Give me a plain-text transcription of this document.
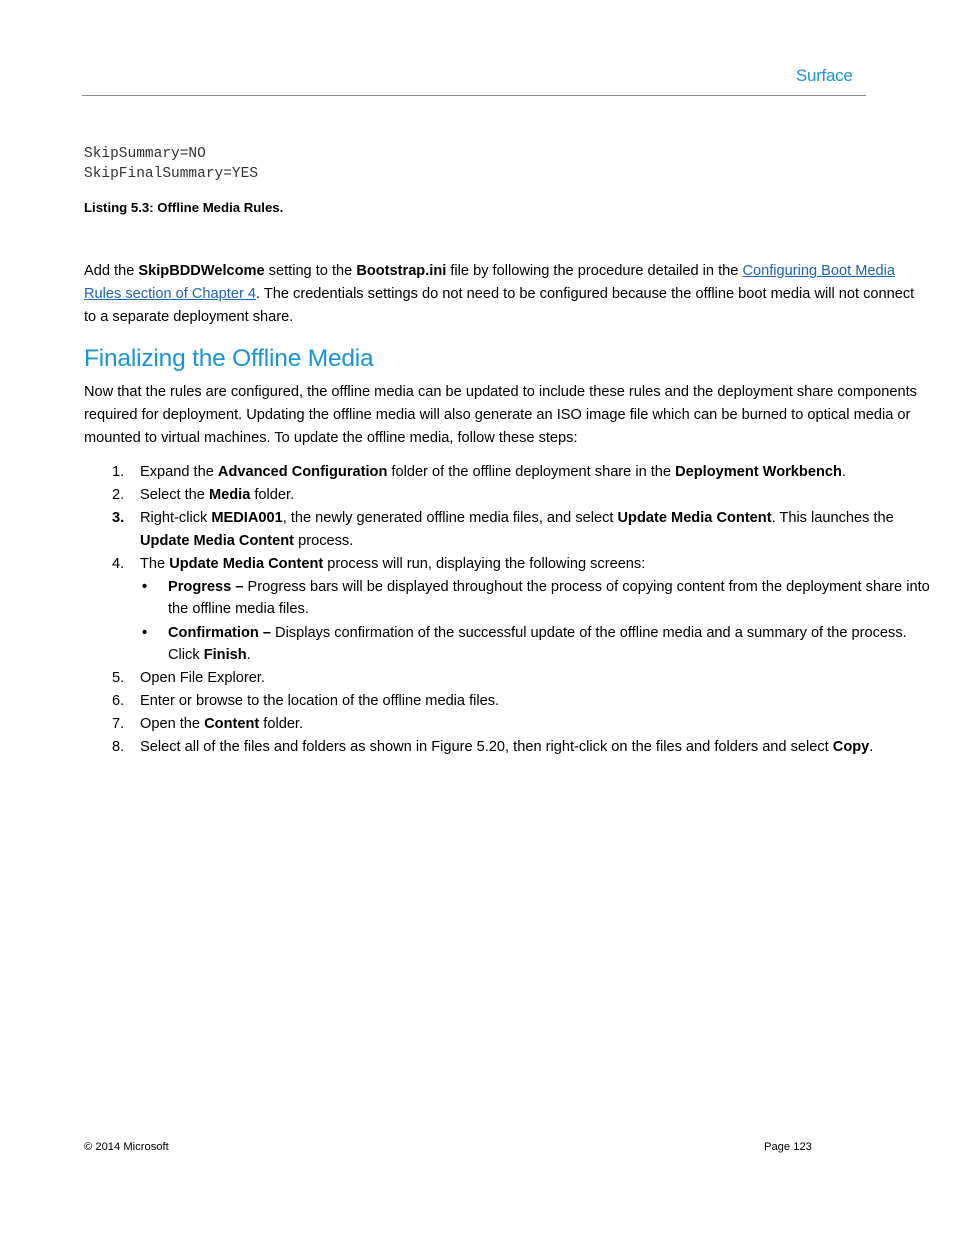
Surface
SkipSummary=NO
SkipFinalSummary=YES
Listing 5.3: Offline Media Rules.

Add the SkipBDDWelcome setting to the Bootstrap.ini file by following the procedure detailed in the Configuring Boot Media Rules section of Chapter 4. The credentials settings do not need to be configured because the offline boot media will not connect to a separate deployment share.

Finalizing the Offline Media

Now that the rules are configured, the offline media can be updated to include these rules and the deployment share components required for deployment. Updating the offline media will also generate an ISO image file which can be burned to optical media or mounted to virtual machines. To update the offline media, follow these steps:

1. Expand the Advanced Configuration folder of the offline deployment share in the Deployment Workbench.
2. Select the Media folder.
3. Right-click MEDIA001, the newly generated offline media files, and select Update Media Content. This launches the Update Media Content process.
4. The Update Media Content process will run, displaying the following screens:
• Progress – Progress bars will be displayed throughout the process of copying content from the deployment share into the offline media files.
• Confirmation – Displays confirmation of the successful update of the offline media and a summary of the process. Click Finish.
5. Open File Explorer.
6. Enter or browse to the location of the offline media files.
7. Open the Content folder.
8. Select all of the files and folders as shown in Figure 5.20, then right-click on the files and folders and select Copy.
© 2014 Microsoft	Page 123
